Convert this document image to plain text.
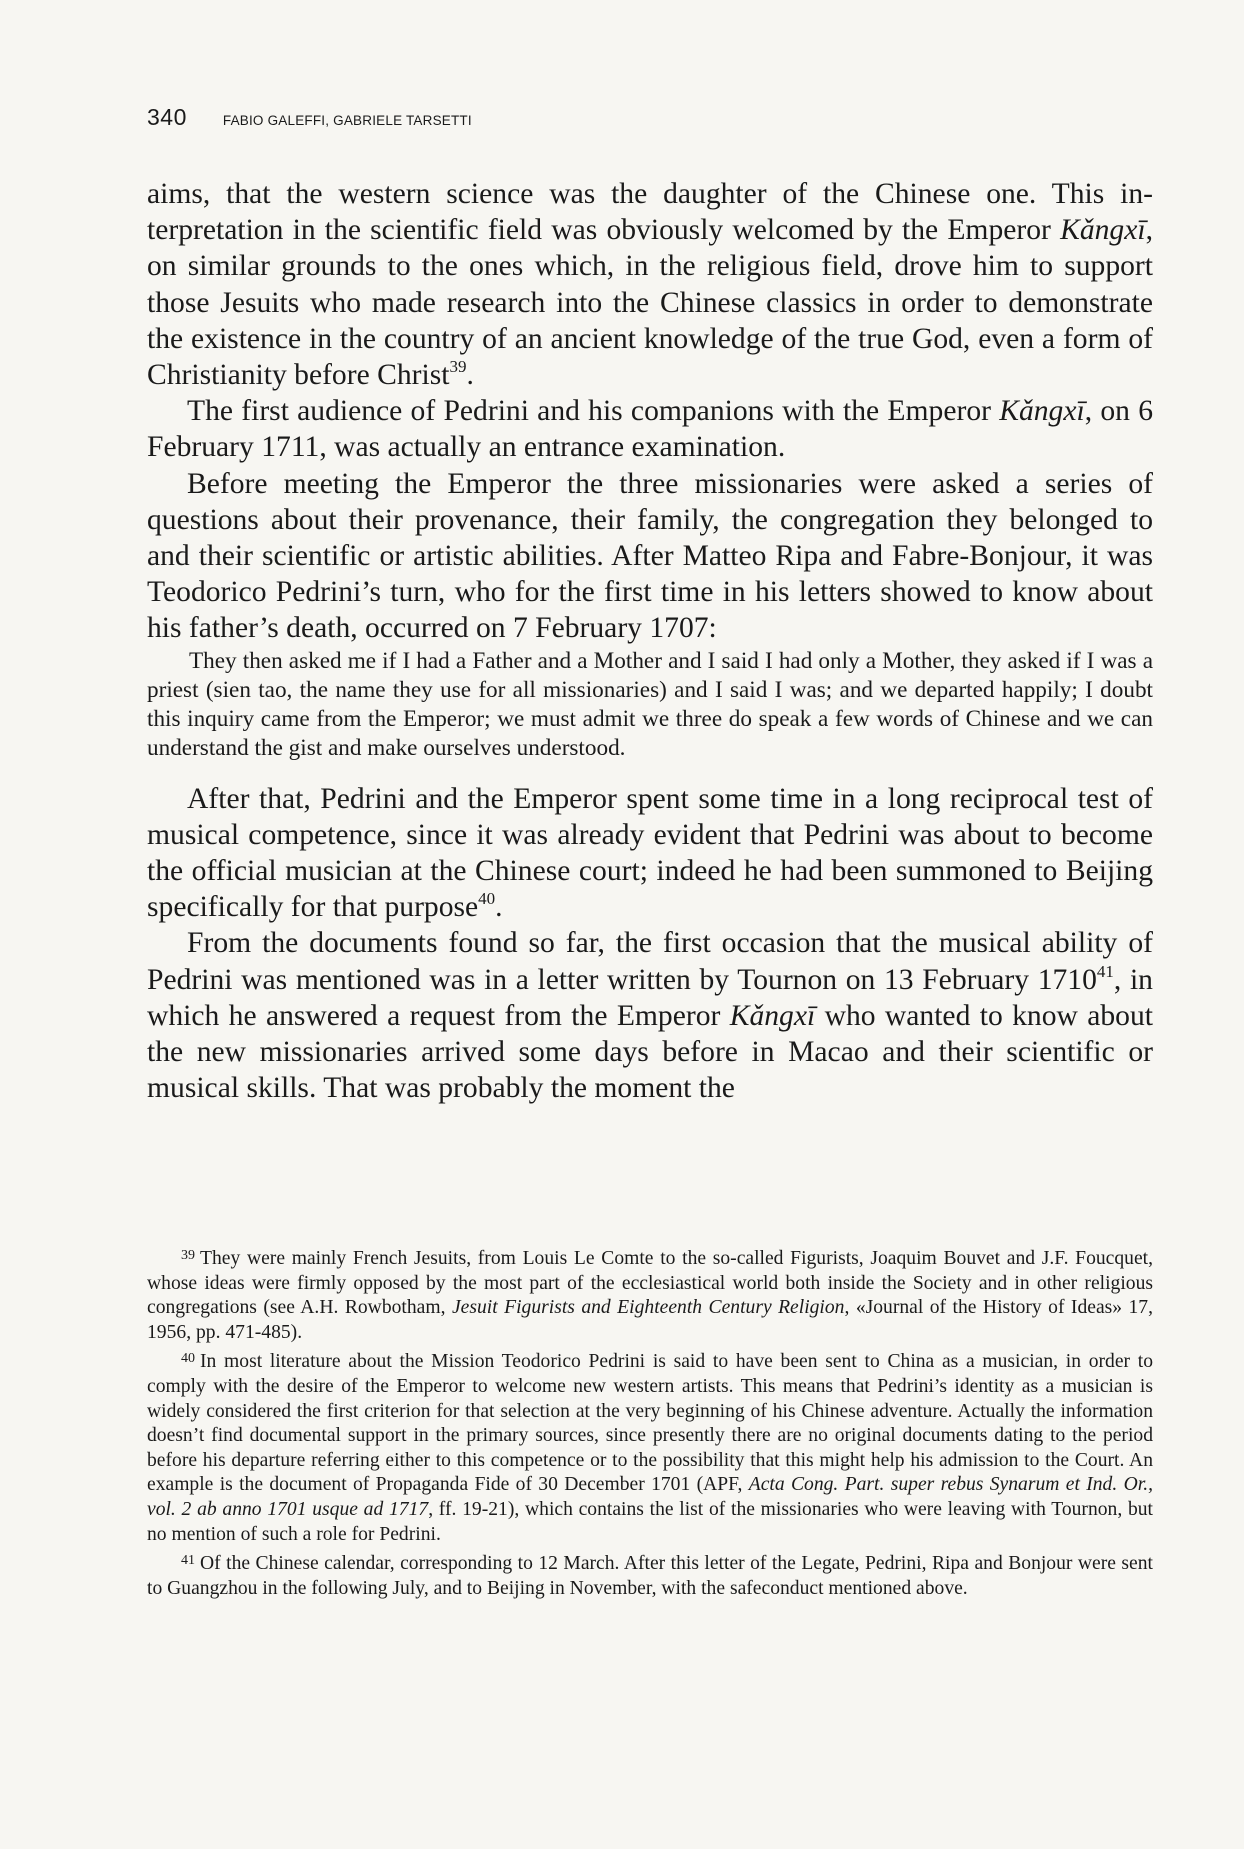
340	FABIO GALEFFI, GABRIELE TARSETTI

aims, that the western science was the daughter of the Chinese one. This interpretation in the scientific field was obviously welcomed by the Emperor Kǎngxī, on similar grounds to the ones which, in the religious field, drove him to support those Jesuits who made research into the Chinese classics in order to demonstrate the existence in the country of an ancient knowledge of the true God, even a form of Christianity before Christ$^{39}$.

The first audience of Pedrini and his companions with the Emperor Kǎngxī, on 6 February 1711, was actually an entrance examination.

Before meeting the Emperor the three missionaries were asked a series of questions about their provenance, their family, the congregation they belonged to and their scientific or artistic abilities. After Matteo Ripa and Fabre-Bonjour, it was Teodorico Pedrini’s turn, who for the first time in his letters showed to know about his father’s death, occurred on 7 February 1707:

They then asked me if I had a Father and a Mother and I said I had only a Mother, they asked if I was a priest (sien tao, the name they use for all missionaries) and I said I was; and we departed happily; I doubt this inquiry came from the Emperor; we must admit we three do speak a few words of Chinese and we can understand the gist and make ourselves understood.

After that, Pedrini and the Emperor spent some time in a long reciprocal test of musical competence, since it was already evident that Pedrini was about to become the official musician at the Chinese court; indeed he had been summoned to Beijing specifically for that purpose$^{40}$.

From the documents found so far, the first occasion that the musical ability of Pedrini was mentioned was in a letter written by Tournon on 13 February 1710$^{41}$, in which he answered a request from the Emperor Kǎngxī who wanted to know about the new missionaries arrived some days before in Macao and their scientific or musical skills. That was probably the moment the

$^{39}$ They were mainly French Jesuits, from Louis Le Comte to the so-called Figurists, Joaquim Bouvet and J.F. Foucquet, whose ideas were firmly opposed by the most part of the ecclesiastical world both inside the Society and in other religious congregations (see A.H. Rowbotham, Jesuit Figurists and Eighteenth Century Religion, «Journal of the History of Ideas» 17, 1956, pp. 471-485).

$^{40}$ In most literature about the Mission Teodorico Pedrini is said to have been sent to China as a musician, in order to comply with the desire of the Emperor to welcome new western artists. This means that Pedrini’s identity as a musician is widely considered the first criterion for that selection at the very beginning of his Chinese adventure. Actually the information doesn’t find documental support in the primary sources, since presently there are no original documents dating to the period before his departure referring either to this competence or to the possibility that this might help his admission to the Court. An example is the document of Propaganda Fide of 30 December 1701 (APF, Acta Cong. Part. super rebus Synarum et Ind. Or., vol. 2 ab anno 1701 usque ad 1717, ff. 19-21), which contains the list of the missionaries who were leaving with Tournon, but no mention of such a role for Pedrini.

$^{41}$ Of the Chinese calendar, corresponding to 12 March. After this letter of the Legate, Pedrini, Ripa and Bonjour were sent to Guangzhou in the following July, and to Beijing in November, with the safeconduct mentioned above.
